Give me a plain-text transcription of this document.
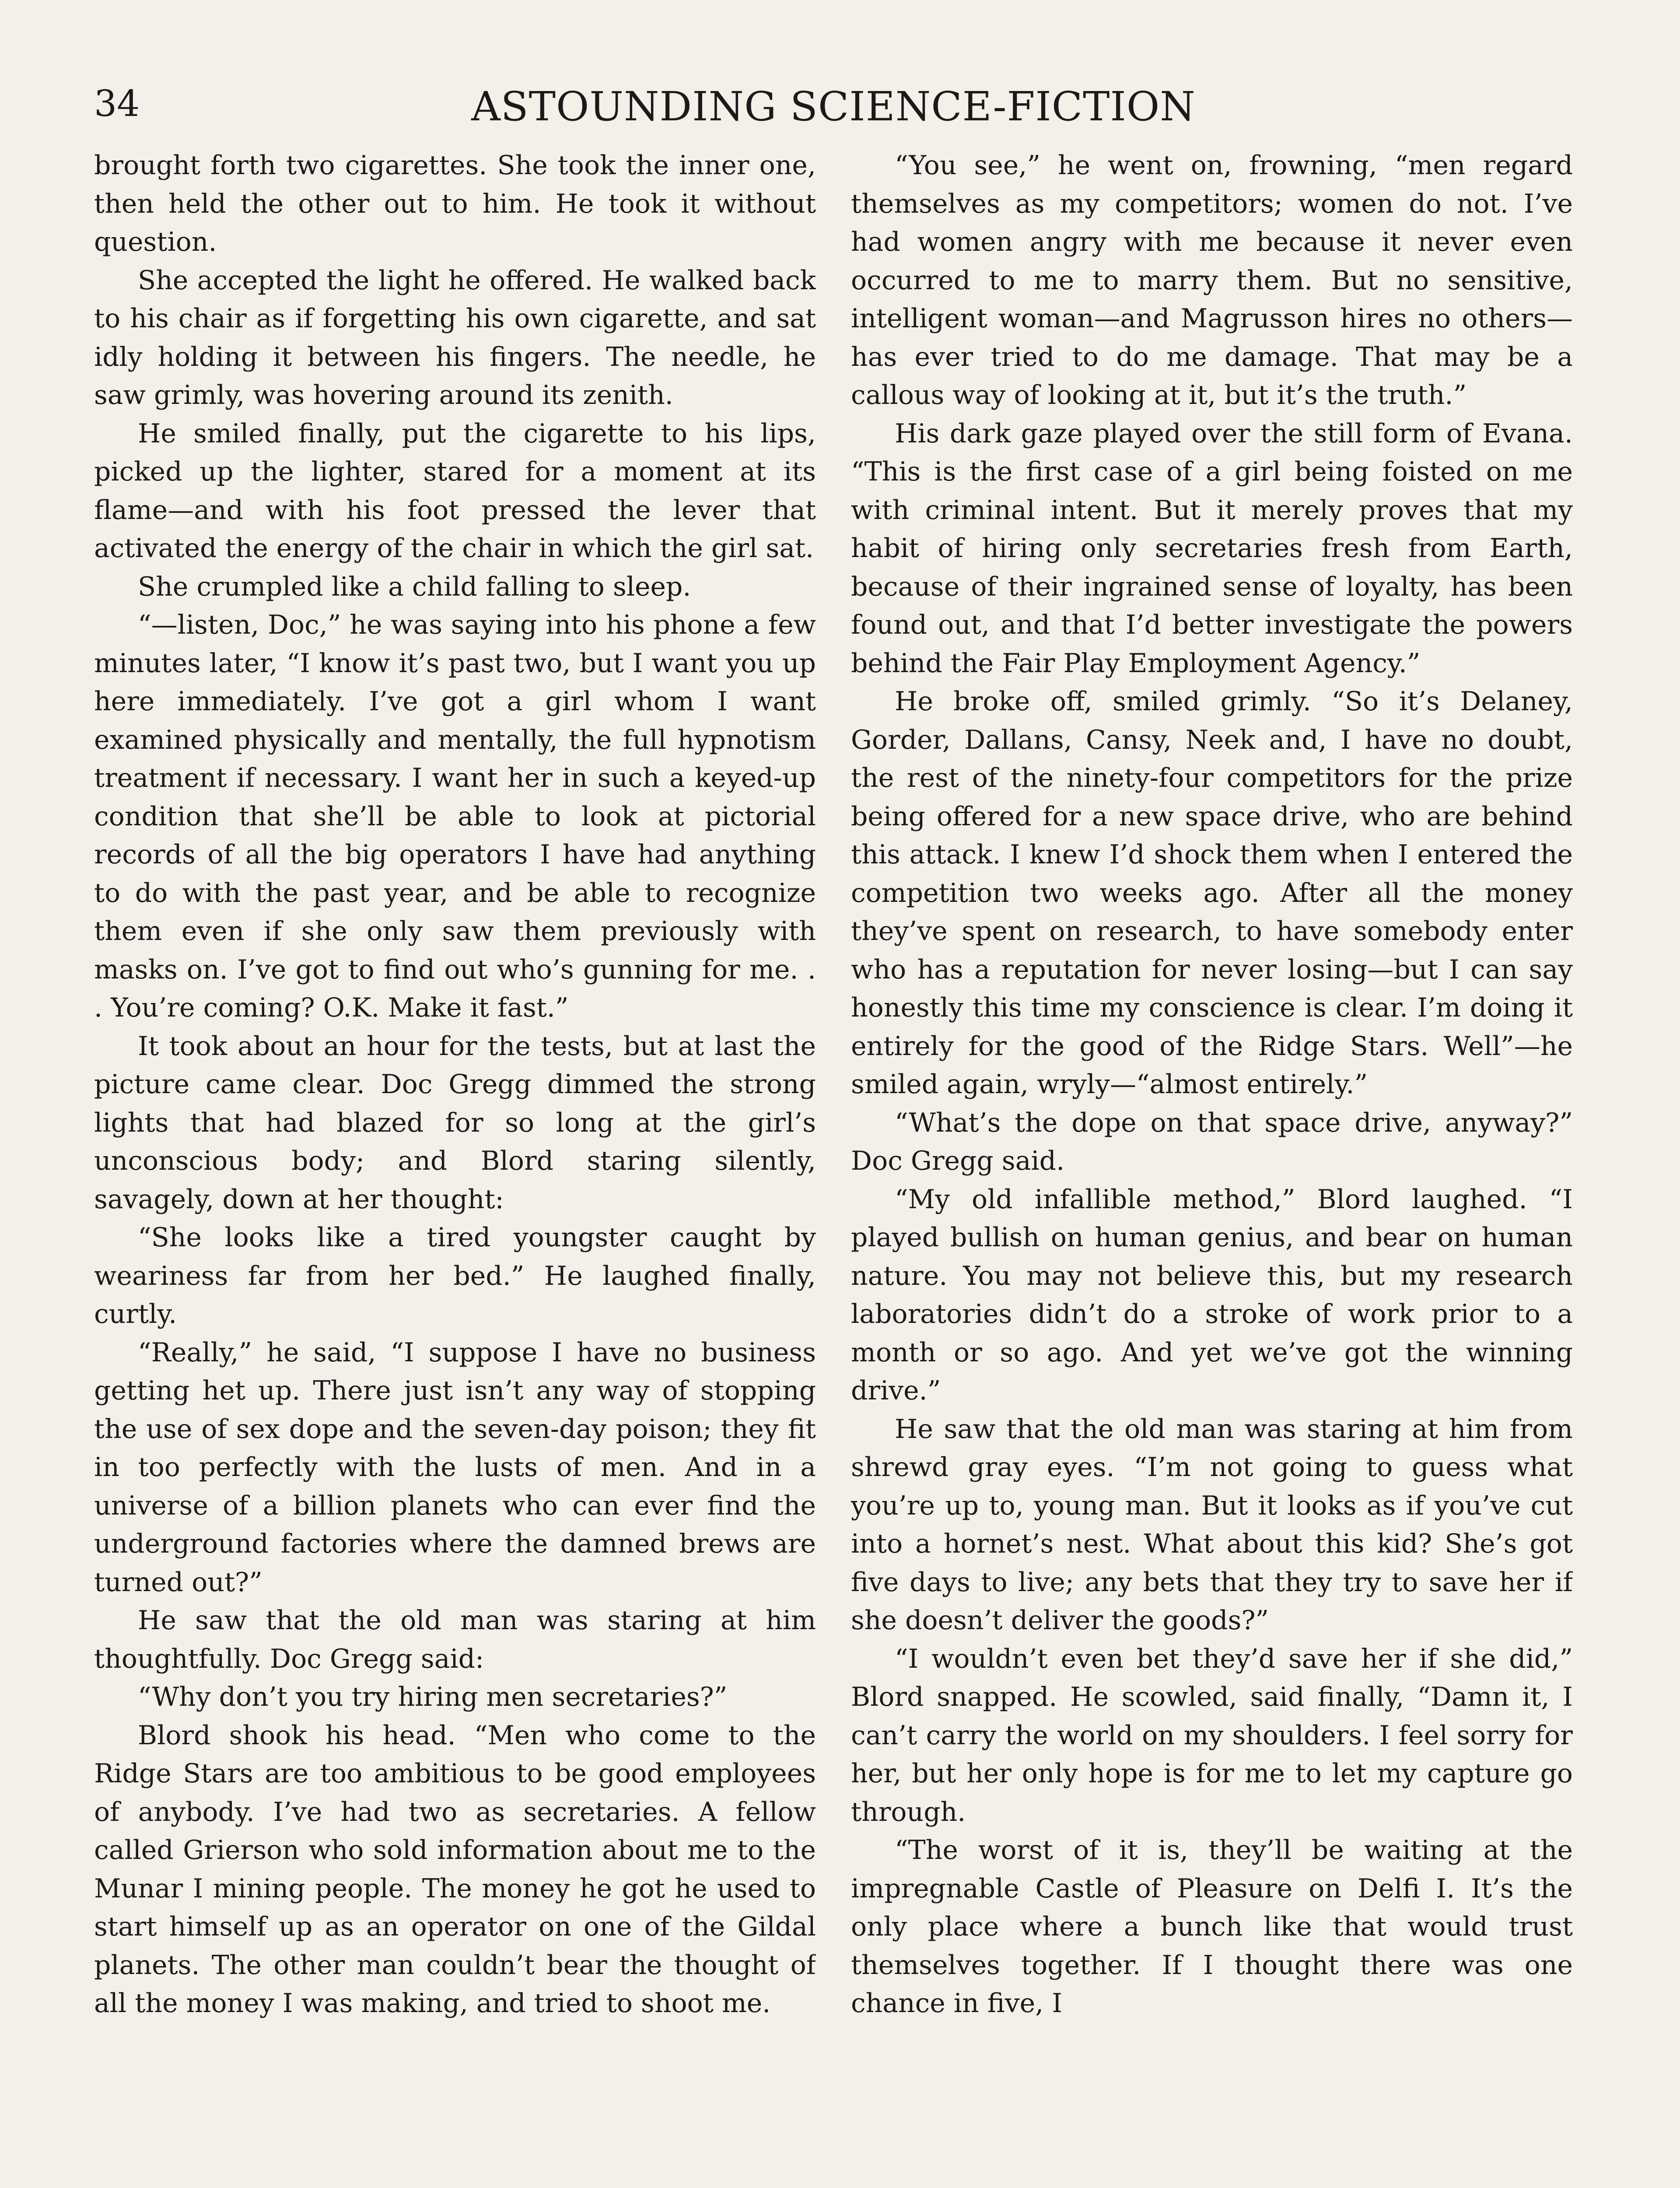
34	ASTOUNDING SCIENCE-FICTION

brought forth two cigarettes. She took the inner one, then held the other out to him. He took it without question.

She accepted the light he offered. He walked back to his chair as if forgetting his own cigarette, and sat idly holding it between his fingers. The needle, he saw grimly, was hovering around its zenith.

He smiled finally, put the cigarette to his lips, picked up the lighter, stared for a moment at its flame—and with his foot pressed the lever that activated the energy of the chair in which the girl sat.

She crumpled like a child falling to sleep.

“—listen, Doc,” he was saying into his phone a few minutes later, “I know it’s past two, but I want you up here immediately. I’ve got a girl whom I want examined physically and mentally, the full hypnotism treatment if necessary. I want her in such a keyed-up condition that she’ll be able to look at pictorial records of all the big operators I have had anything to do with the past year, and be able to recognize them even if she only saw them previously with masks on. I’ve got to find out who’s gunning for me. . . You’re coming? O.K. Make it fast.”

It took about an hour for the tests, but at last the picture came clear. Doc Gregg dimmed the strong lights that had blazed for so long at the girl’s unconscious body; and Blord staring silently, savagely, down at her thought:

“She looks like a tired youngster caught by weariness far from her bed.” He laughed finally, curtly.

“Really,” he said, “I suppose I have no business getting het up. There just isn’t any way of stopping the use of sex dope and the seven-day poison; they fit in too perfectly with the lusts of men. And in a universe of a billion planets who can ever find the underground factories where the damned brews are turned out?”

He saw that the old man was staring at him thoughtfully. Doc Gregg said:

“Why don’t you try hiring men secretaries?”

Blord shook his head. “Men who come to the Ridge Stars are too ambitious to be good employees of anybody. I’ve had two as secretaries. A fellow called Grierson who sold information about me to the Munar I mining people. The money he got he used to start himself up as an operator on one of the Gildal planets. The other man couldn’t bear the thought of all the money I was making, and tried to shoot me.

“You see,” he went on, frowning, “men regard themselves as my competitors; women do not. I’ve had women angry with me because it never even occurred to me to marry them. But no sensitive, intelligent woman—and Magrusson hires no others—has ever tried to do me damage. That may be a callous way of looking at it, but it’s the truth.”

His dark gaze played over the still form of Evana. “This is the first case of a girl being foisted on me with criminal intent. But it merely proves that my habit of hiring only secretaries fresh from Earth, because of their ingrained sense of loyalty, has been found out, and that I’d better investigate the powers behind the Fair Play Employment Agency.”

He broke off, smiled grimly. “So it’s Delaney, Gorder, Dallans, Cansy, Neek and, I have no doubt, the rest of the ninety-four competitors for the prize being offered for a new space drive, who are behind this attack. I knew I’d shock them when I entered the competition two weeks ago. After all the money they’ve spent on research, to have somebody enter who has a reputation for never losing—but I can say honestly this time my conscience is clear. I’m doing it entirely for the good of the Ridge Stars. Well”—he smiled again, wryly—“almost entirely.”

“What’s the dope on that space drive, anyway?” Doc Gregg said.

“My old infallible method,” Blord laughed. “I played bullish on human genius, and bear on human nature. You may not believe this, but my research laboratories didn’t do a stroke of work prior to a month or so ago. And yet we’ve got the winning drive.”

He saw that the old man was staring at him from shrewd gray eyes. “I’m not going to guess what you’re up to, young man. But it looks as if you’ve cut into a hornet’s nest. What about this kid? She’s got five days to live; any bets that they try to save her if she doesn’t deliver the goods?”

“I wouldn’t even bet they’d save her if she did,” Blord snapped. He scowled, said finally, “Damn it, I can’t carry the world on my shoulders. I feel sorry for her, but her only hope is for me to let my capture go through.

“The worst of it is, they’ll be waiting at the impregnable Castle of Pleasure on Delfi I. It’s the only place where a bunch like that would trust themselves together. If I thought there was one chance in five, I
